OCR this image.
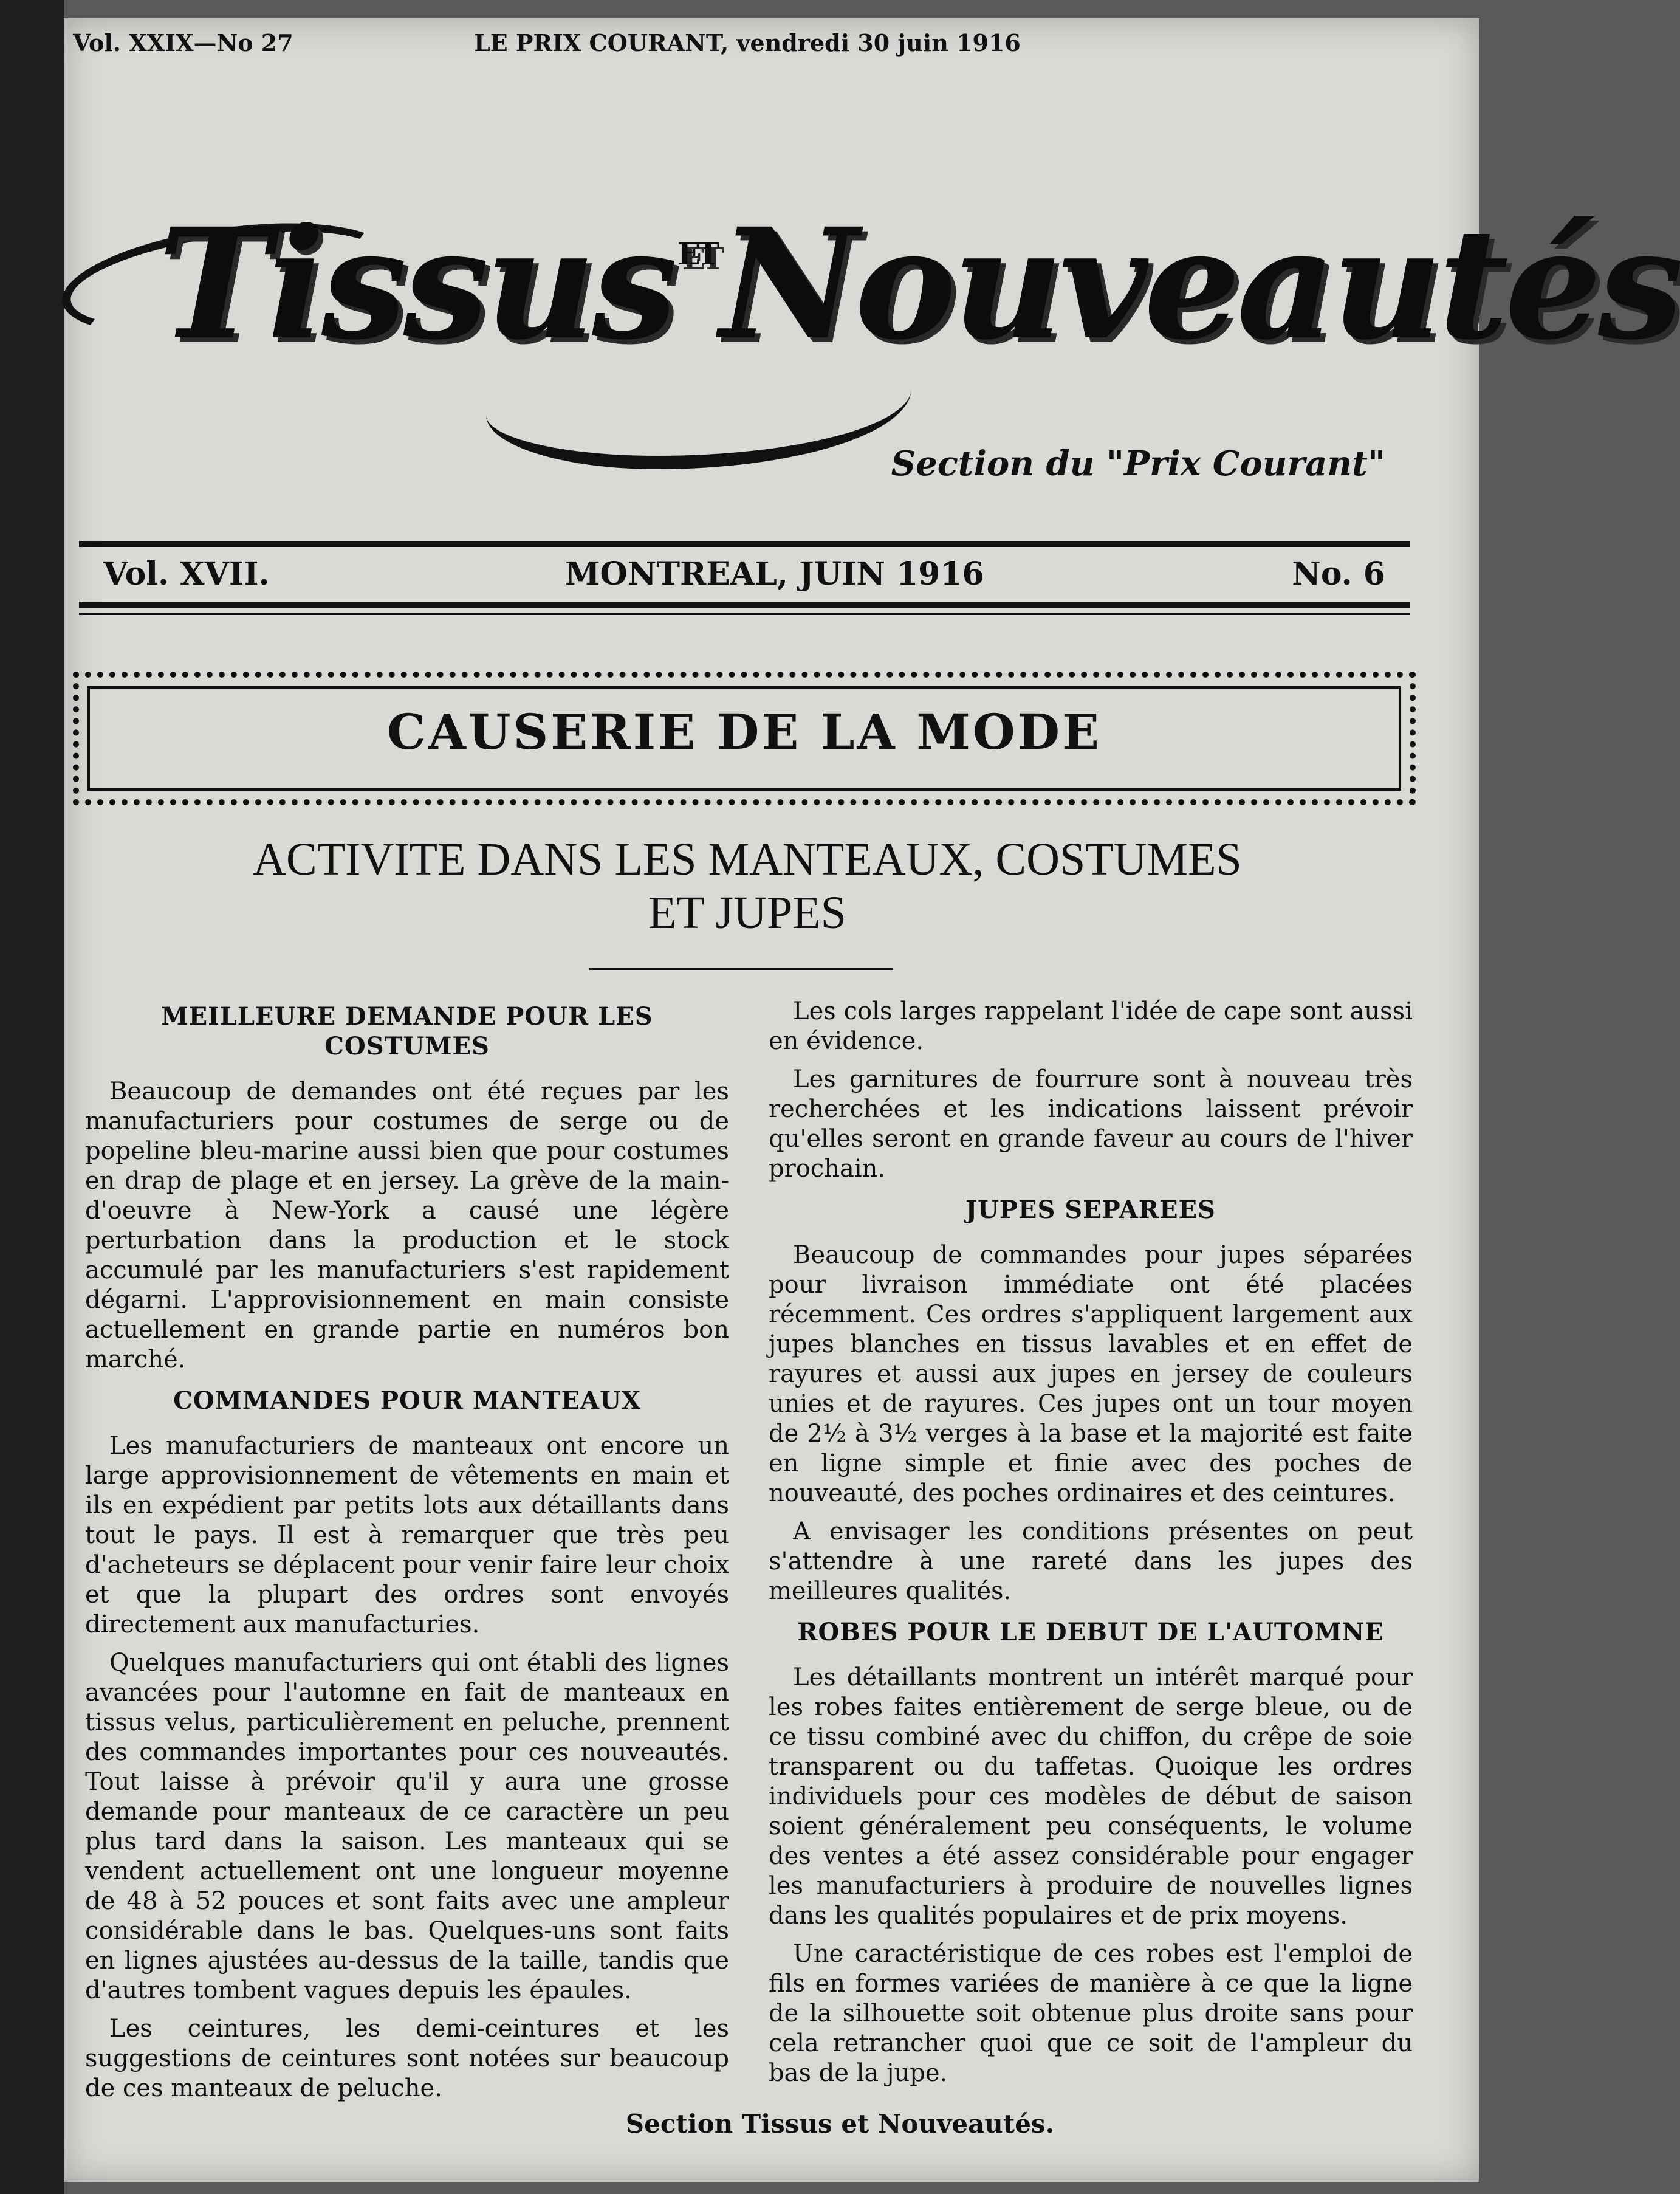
Vol. XXIX—No 27	LE PRIX COURANT, vendredi 30 juin 1916
Tissus $^{ET}$Nouveautés
Section du "Prix Courant"
Vol. XVII.	MONTREAL, JUIN 1916	No. 6
CAUSERIE DE LA MODE
ACTIVITE DANS LES MANTEAUX, COSTUMES
ET JUPES
MEILLEURE DEMANDE POUR LES COSTUMES

Beaucoup de demandes ont été reçues par les manufacturiers pour costumes de serge ou de popeline bleu-marine aussi bien que pour costumes en drap de plage et en jersey. La grève de la main-d'oeuvre à New-York a causé une légère perturbation dans la production et le stock accumulé par les manufacturiers s'est rapidement dégarni. L'approvisionnement en main consiste actuellement en grande partie en numéros bon marché.

COMMANDES POUR MANTEAUX

Les manufacturiers de manteaux ont encore un large approvisionnement de vêtements en main et ils en expédient par petits lots aux détaillants dans tout le pays. Il est à remarquer que très peu d'acheteurs se déplacent pour venir faire leur choix et que la plupart des ordres sont envoyés directement aux manufacturies.

Quelques manufacturiers qui ont établi des lignes avancées pour l'automne en fait de manteaux en tissus velus, particulièrement en peluche, prennent des commandes importantes pour ces nouveautés. Tout laisse à prévoir qu'il y aura une grosse demande pour manteaux de ce caractère un peu plus tard dans la saison. Les manteaux qui se vendent actuellement ont une longueur moyenne de 48 à 52 pouces et sont faits avec une ampleur considérable dans le bas. Quelques-uns sont faits en lignes ajustées au-dessus de la taille, tandis que d'autres tombent vagues depuis les épaules.

Les ceintures, les demi-ceintures et les suggestions de ceintures sont notées sur beaucoup de ces manteaux de peluche.

Les cols larges rappelant l'idée de cape sont aussi en évidence.

Les garnitures de fourrure sont à nouveau très recherchées et les indications laissent prévoir qu'elles seront en grande faveur au cours de l'hiver prochain.

JUPES SEPAREES

Beaucoup de commandes pour jupes séparées pour livraison immédiate ont été placées récemment. Ces ordres s'appliquent largement aux jupes blanches en tissus lavables et en effet de rayures et aussi aux jupes en jersey de couleurs unies et de rayures. Ces jupes ont un tour moyen de 2½ à 3½ verges à la base et la majorité est faite en ligne simple et finie avec des poches de nouveauté, des poches ordinaires et des ceintures.

A envisager les conditions présentes on peut s'attendre à une rareté dans les jupes des meilleures qualités.

ROBES POUR LE DEBUT DE L'AUTOMNE

Les détaillants montrent un intérêt marqué pour les robes faites entièrement de serge bleue, ou de ce tissu combiné avec du chiffon, du crêpe de soie transparent ou du taffetas. Quoique les ordres individuels pour ces modèles de début de saison soient généralement peu conséquents, le volume des ventes a été assez considérable pour engager les manufacturiers à produire de nouvelles lignes dans les qualités populaires et de prix moyens.

Une caractéristique de ces robes est l'emploi de fils en formes variées de manière à ce que la ligne de la silhouette soit obtenue plus droite sans pour cela retrancher quoi que ce soit de l'ampleur du bas de la jupe.

Section Tissus et Nouveautés.
